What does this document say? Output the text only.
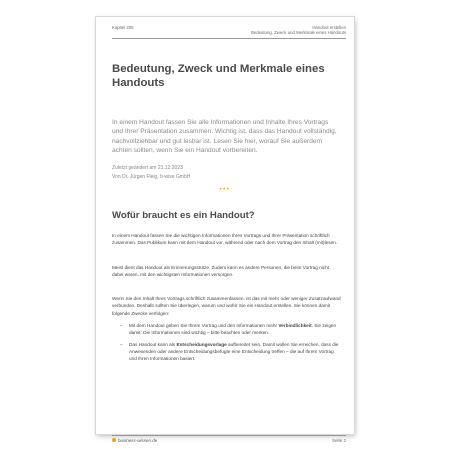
Kapitel 205	Handout erstellen
Bedeutung, Zweck und Merkmale eines Handouts
Bedeutung, Zweck und Merkmale eines Handouts
In einem Handout fassen Sie alle Informationen und Inhalte Ihres Vortrags und Ihrer Präsentation zusammen. Wichtig ist, dass das Handout vollständig, nachvollziehbar und gut lesbar ist. Lesen Sie hier, worauf Sie außerdem achten sollten, wenn Sie ein Handout vorbereiten.
Zuletzt geändert am 21.12.2023
Von Dr. Jürgen Fleig, b-wise GmbH
•••
Wofür braucht es ein Handout?
In einem Handout fassen Sie die wichtigen Informationen Ihres Vortrags und Ihrer Präsentation schriftlich zusammen. Das Publikum kann mit dem Handout vor, während oder nach dem Vortrag den Inhalt (mit)lesen.
Meist dient das Handout als Erinnerungsstütze. Zudem kann es andere Personen, die beim Vortrag nicht dabei waren, mit den wichtigsten Informationen versorgen.
Wenn Sie den Inhalt Ihres Vortrags schriftlich zusammenfassen, ist das mit mehr oder weniger Zusatzaufwand verbunden. Deshalb sollten Sie überlegen, warum und wofür Sie ein Handout erstellen. Sie können damit folgende Zwecke verfolgen:
– Mit dem Handout geben Sie Ihrem Vortrag und den Informationen mehr Verbindlichkeit. Sie zeigen damit: Die Informationen sind wichtig – bitte beachten oder merken.
– Das Handout kann als Entscheidungsvorlage aufbereitet sein. Damit wollen Sie erreichen, dass die Anwesenden oder andere Entscheidungsbefugte eine Entscheidung treffen – die auf Ihrem Vortrag und Ihren Informationen basiert.
business-wissen.de	Seite 2
